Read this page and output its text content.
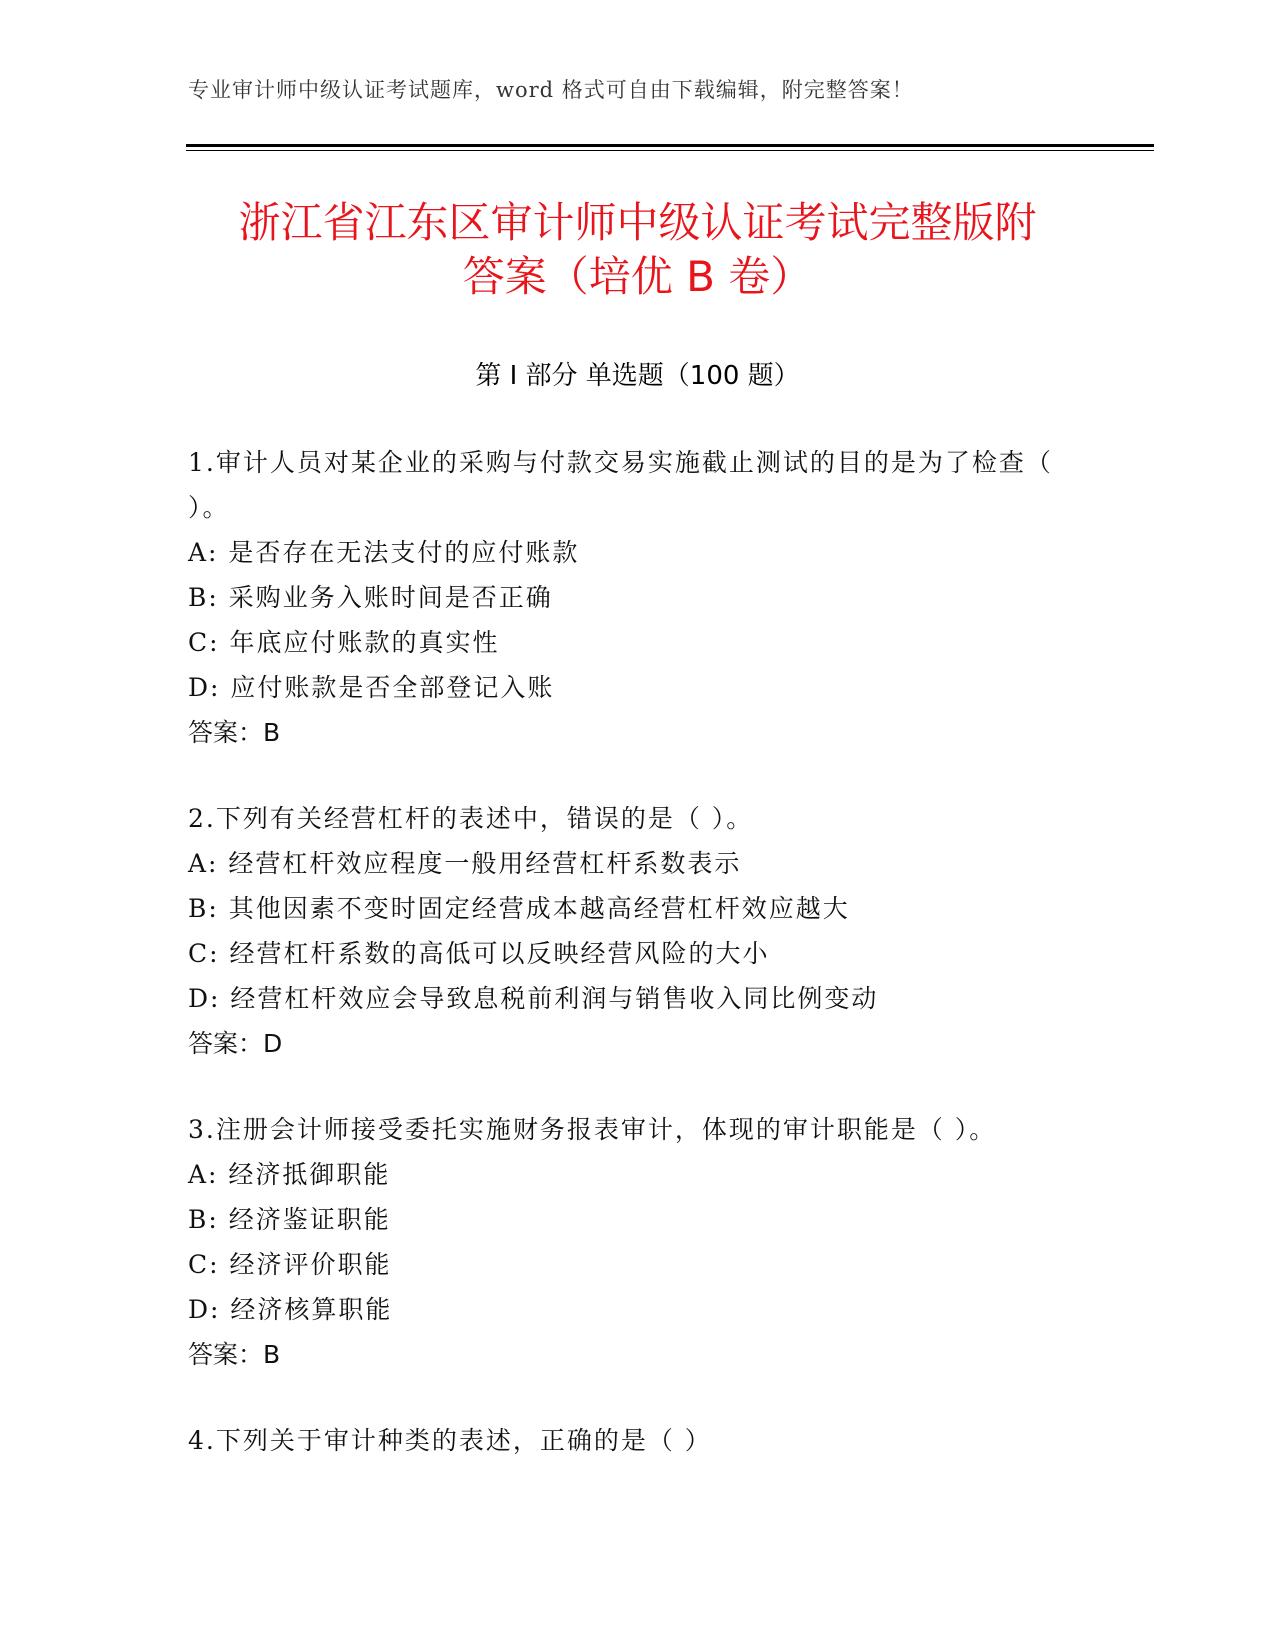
专业审计师中级认证考试题库，word 格式可自由下载编辑，附完整答案！
浙江省江东区审计师中级认证考试完整版附
答案（培优 B 卷）
第 I 部分 单选题（100 题）

1.审计人员对某企业的采购与付款交易实施截止测试的目的是为了检查（ ）。

A: 是否存在无法支付的应付账款

B: 采购业务入账时间是否正确

C: 年底应付账款的真实性

D: 应付账款是否全部登记入账

答案：B

2.下列有关经营杠杆的表述中，错误的是（ ）。

A: 经营杠杆效应程度一般用经营杠杆系数表示

B: 其他因素不变时固定经营成本越高经营杠杆效应越大

C: 经营杠杆系数的高低可以反映经营风险的大小

D: 经营杠杆效应会导致息税前利润与销售收入同比例变动

答案：D

3.注册会计师接受委托实施财务报表审计，体现的审计职能是（ ）。

A: 经济抵御职能

B: 经济鉴证职能

C: 经济评价职能

D: 经济核算职能

答案：B

4.下列关于审计种类的表述，正确的是（ ）
